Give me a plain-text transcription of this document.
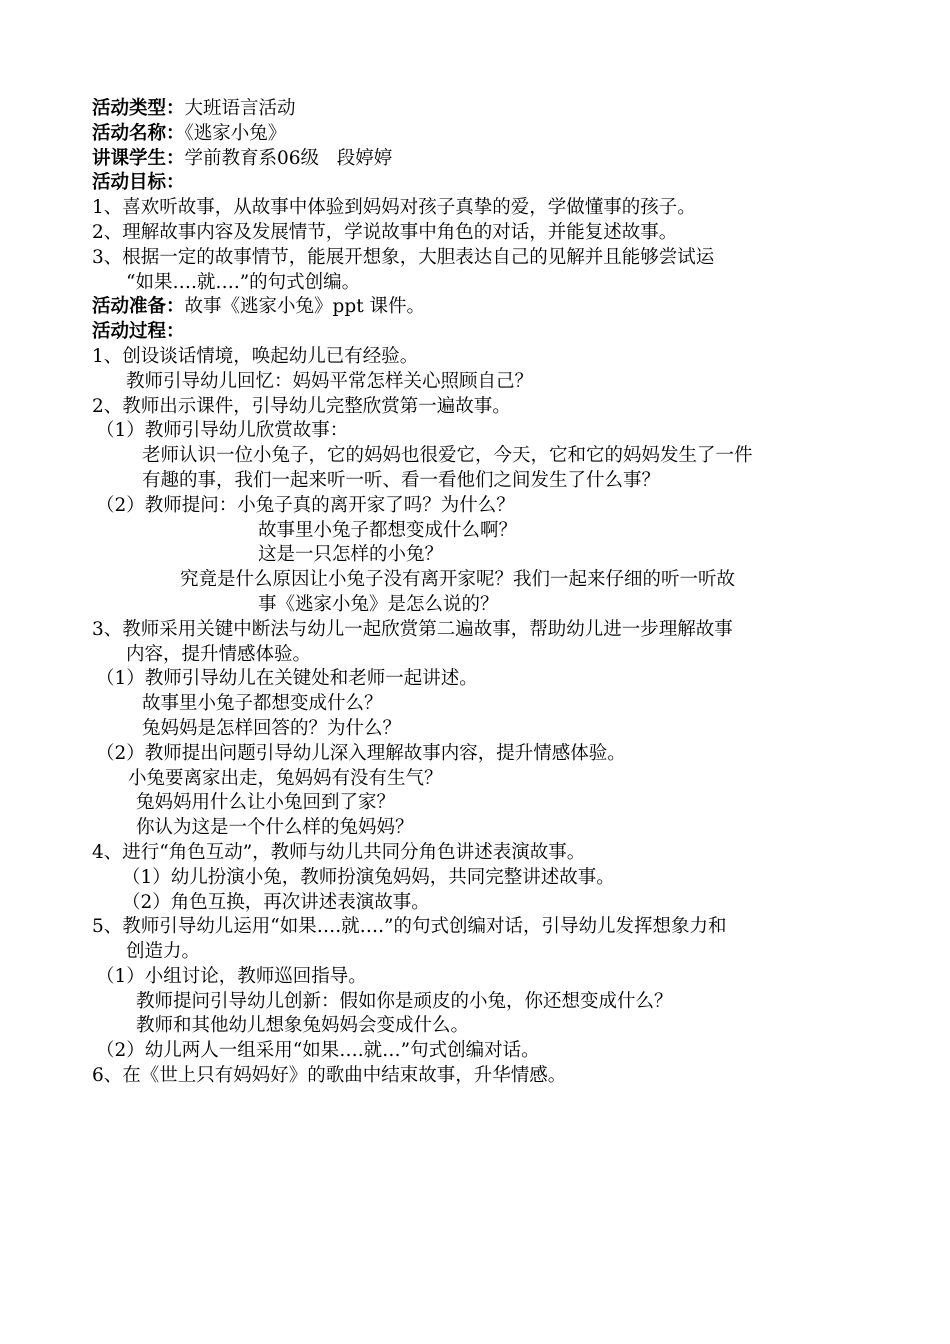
活动类型：大班语言活动
活动名称：《逃家小兔》
讲课学生：学前教育系06级   段婷婷
活动目标：
1、喜欢听故事，从故事中体验到妈妈对孩子真挚的爱，学做懂事的孩子。
2、理解故事内容及发展情节，学说故事中角色的对话，并能复述故事。
3、根据一定的故事情节，能展开想象，大胆表达自己的见解并且能够尝试运
“如果….就….”的句式创编。
活动准备：故事《逃家小兔》ppt 课件。
活动过程：
1、创设谈话情境，唤起幼儿已有经验。
教师引导幼儿回忆：妈妈平常怎样关心照顾自己？
2、教师出示课件，引导幼儿完整欣赏第一遍故事。
（1）教师引导幼儿欣赏故事：
老师认识一位小兔子，它的妈妈也很爱它，今天，它和它的妈妈发生了一件
有趣的事，我们一起来听一听、看一看他们之间发生了什么事？
（2）教师提问：小兔子真的离开家了吗？为什么？
故事里小兔子都想变成什么啊？
这是一只怎样的小兔？
究竟是什么原因让小兔子没有离开家呢？我们一起来仔细的听一听故
事《逃家小兔》是怎么说的？
3、教师采用关键中断法与幼儿一起欣赏第二遍故事，帮助幼儿进一步理解故事
内容，提升情感体验。
（1）教师引导幼儿在关键处和老师一起讲述。
故事里小兔子都想变成什么？
兔妈妈是怎样回答的？为什么？
（2）教师提出问题引导幼儿深入理解故事内容，提升情感体验。
小兔要离家出走，兔妈妈有没有生气？
兔妈妈用什么让小兔回到了家？
你认为这是一个什么样的兔妈妈？
4、进行“角色互动”，教师与幼儿共同分角色讲述表演故事。
（1）幼儿扮演小兔，教师扮演兔妈妈，共同完整讲述故事。
（2）角色互换，再次讲述表演故事。
5、教师引导幼儿运用“如果….就….”的句式创编对话，引导幼儿发挥想象力和
创造力。
（1）小组讨论，教师巡回指导。
教师提问引导幼儿创新：假如你是顽皮的小兔，你还想变成什么？
教师和其他幼儿想象兔妈妈会变成什么。
（2）幼儿两人一组采用“如果….就…”句式创编对话。
6、在《世上只有妈妈好》的歌曲中结束故事，升华情感。
